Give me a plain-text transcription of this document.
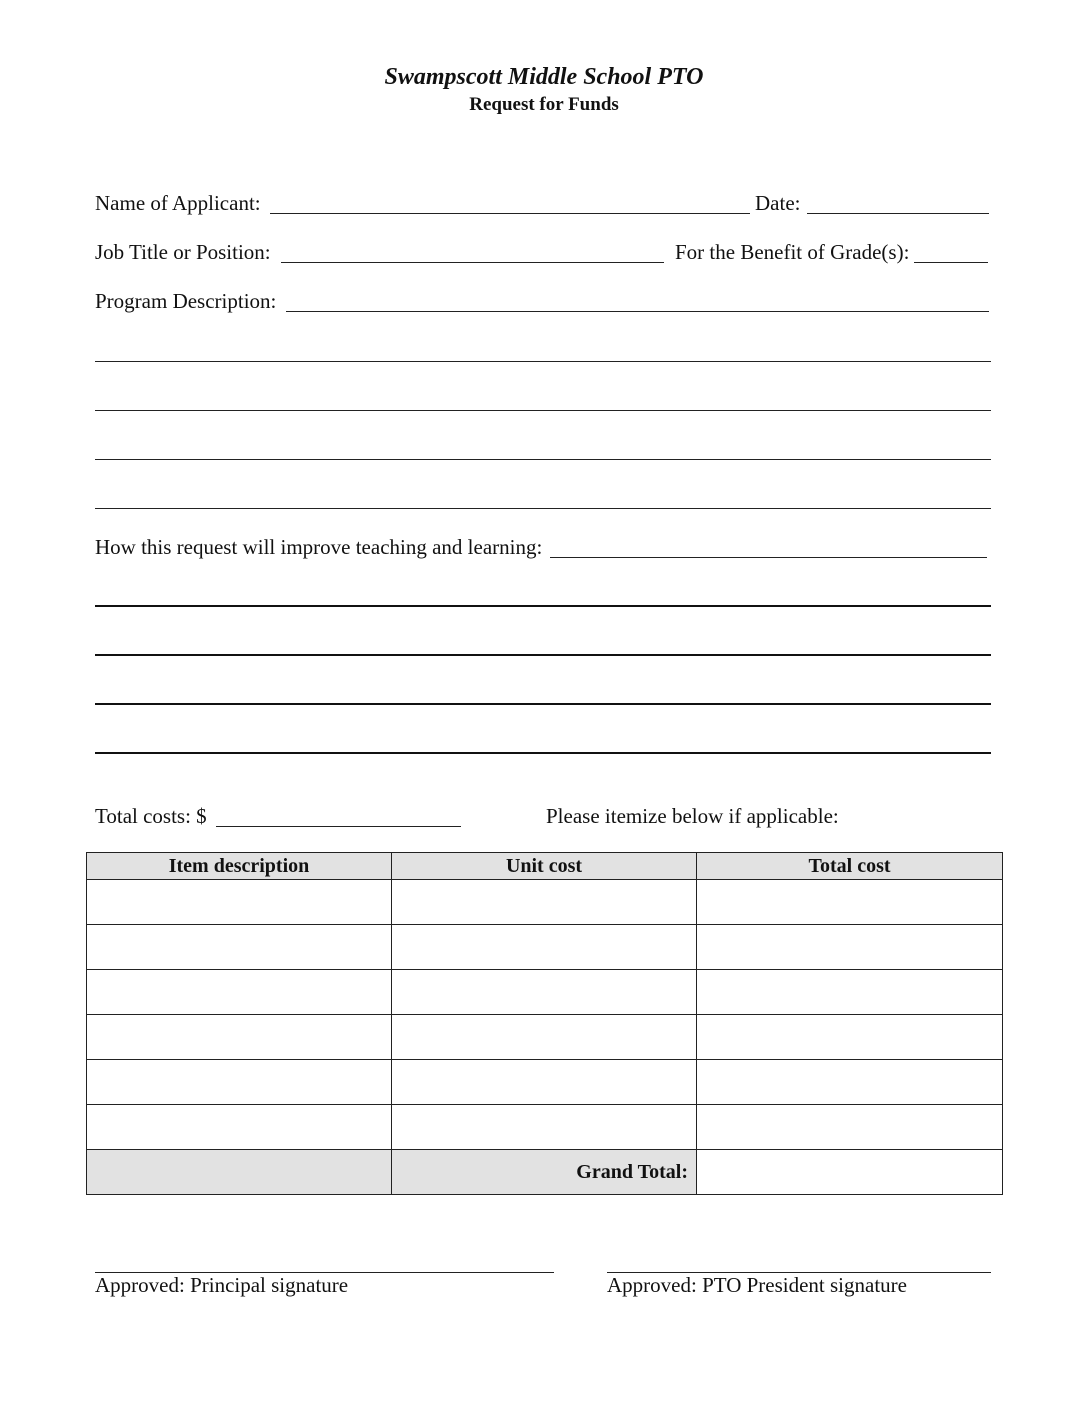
Swampscott Middle School PTO
Request for Funds
Name of Applicant:	Date:
Job Title or Position:	For the Benefit of Grade(s):
Program Description:
How this request will improve teaching and learning:
Total costs: $	Please itemize below if applicable:
Item description	Unit cost	Total cost

	Grand Total:	
Approved: Principal signature	Approved: PTO President signature
